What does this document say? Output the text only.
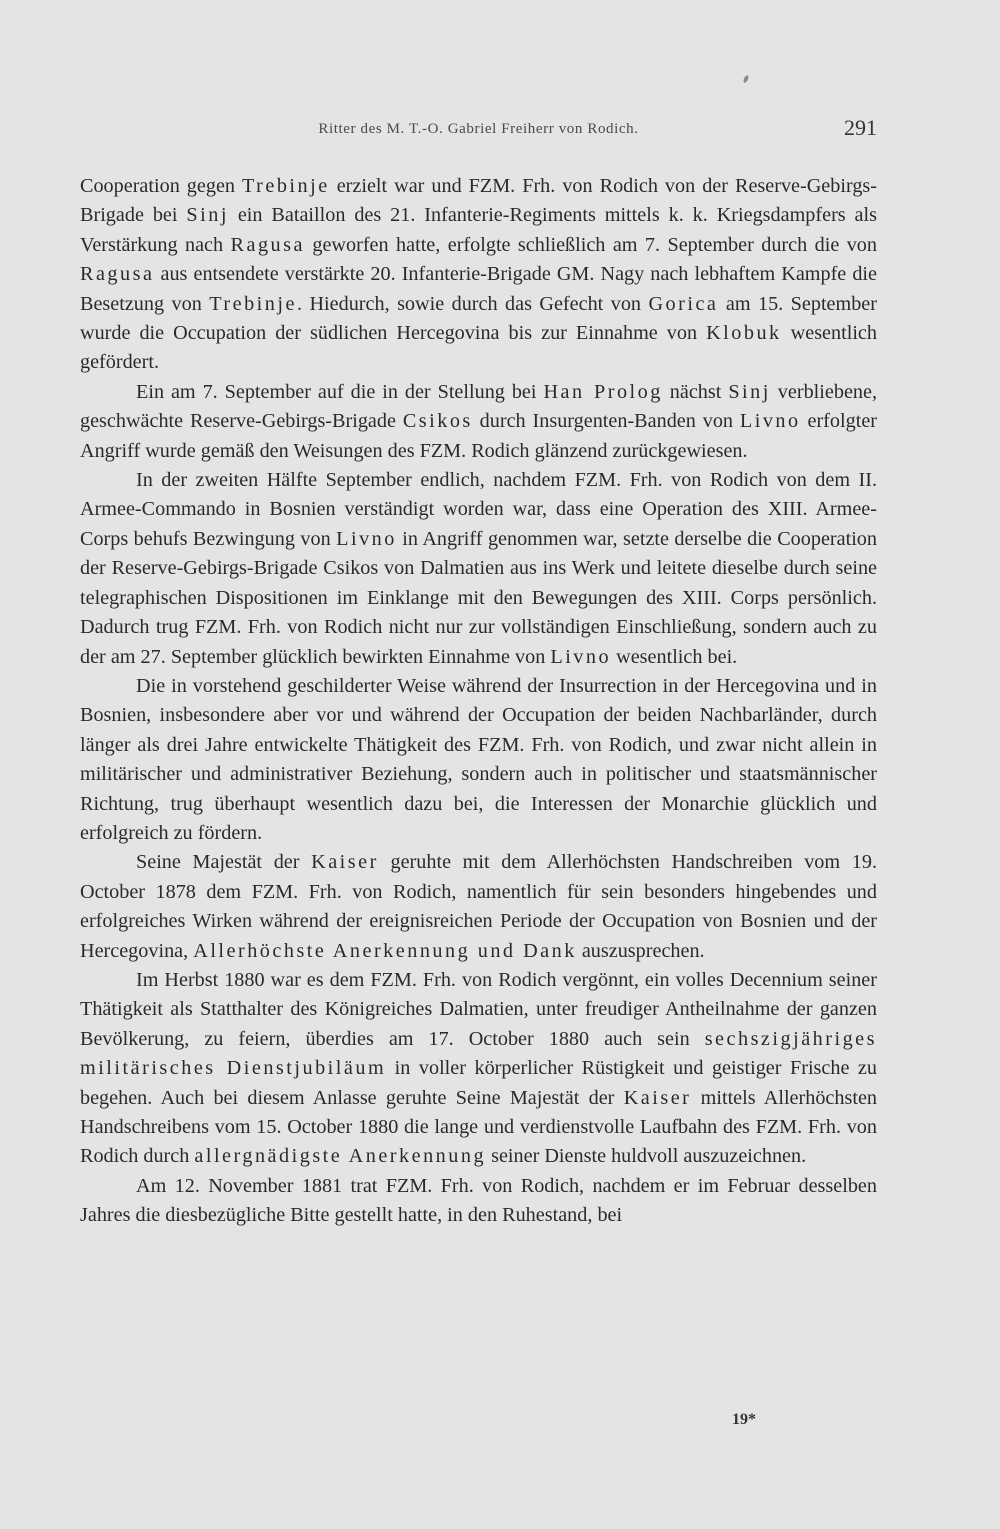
Ritter des M. T.-O. Gabriel Freiherr von Rodich.	291

Cooperation gegen Trebinje erzielt war und FZM. Frh. von Rodich von der Reserve-Gebirgs-Brigade bei Sinj ein Bataillon des 21. Infanterie-Regiments mittels k. k. Kriegsdampfers als Verstärkung nach Ragusa geworfen hatte, erfolgte schließlich am 7. September durch die von Ragusa aus entsendete verstärkte 20. Infanterie-Brigade GM. Nagy nach lebhaftem Kampfe die Besetzung von Trebinje. Hiedurch, sowie durch das Gefecht von Gorica am 15. September wurde die Occupation der südlichen Hercegovina bis zur Einnahme von Klobuk wesentlich gefördert.

Ein am 7. September auf die in der Stellung bei Han Prolog nächst Sinj verbliebene, geschwächte Reserve-Gebirgs-Brigade Csikos durch Insurgenten-Banden von Livno erfolgter Angriff wurde gemäß den Weisungen des FZM. Rodich glänzend zurückgewiesen.

In der zweiten Hälfte September endlich, nachdem FZM. Frh. von Rodich von dem II. Armee-Commando in Bosnien verständigt worden war, dass eine Operation des XIII. Armee-Corps behufs Bezwingung von Livno in Angriff genommen war, setzte derselbe die Cooperation der Reserve-Gebirgs-Brigade Csikos von Dalmatien aus ins Werk und leitete dieselbe durch seine telegraphischen Dispositionen im Einklange mit den Bewegungen des XIII. Corps persönlich. Dadurch trug FZM. Frh. von Rodich nicht nur zur vollständigen Einschließung, sondern auch zu der am 27. September glücklich bewirkten Einnahme von Livno wesentlich bei.

Die in vorstehend geschilderter Weise während der Insurrection in der Hercegovina und in Bosnien, insbesondere aber vor und während der Occupation der beiden Nachbarländer, durch länger als drei Jahre entwickelte Thätigkeit des FZM. Frh. von Rodich, und zwar nicht allein in militärischer und administrativer Beziehung, sondern auch in politischer und staatsmännischer Richtung, trug überhaupt wesentlich dazu bei, die Interessen der Monarchie glücklich und erfolgreich zu fördern.

Seine Majestät der Kaiser geruhte mit dem Allerhöchsten Handschreiben vom 19. October 1878 dem FZM. Frh. von Rodich, namentlich für sein besonders hingebendes und erfolgreiches Wirken während der ereignisreichen Periode der Occupation von Bosnien und der Hercegovina, Allerhöchste Anerkennung und Dank auszusprechen.

Im Herbst 1880 war es dem FZM. Frh. von Rodich vergönnt, ein volles Decennium seiner Thätigkeit als Statthalter des Königreiches Dalmatien, unter freudiger Antheilnahme der ganzen Bevölkerung, zu feiern, überdies am 17. October 1880 auch sein sechszigjähriges militärisches Dienstjubiläum in voller körperlicher Rüstigkeit und geistiger Frische zu begehen. Auch bei diesem Anlasse geruhte Seine Majestät der Kaiser mittels Allerhöchsten Handschreibens vom 15. October 1880 die lange und verdienstvolle Laufbahn des FZM. Frh. von Rodich durch allergnädigste Anerkennung seiner Dienste huldvoll auszuzeichnen.

Am 12. November 1881 trat FZM. Frh. von Rodich, nachdem er im Februar desselben Jahres die diesbezügliche Bitte gestellt hatte, in den Ruhestand, bei

19*
